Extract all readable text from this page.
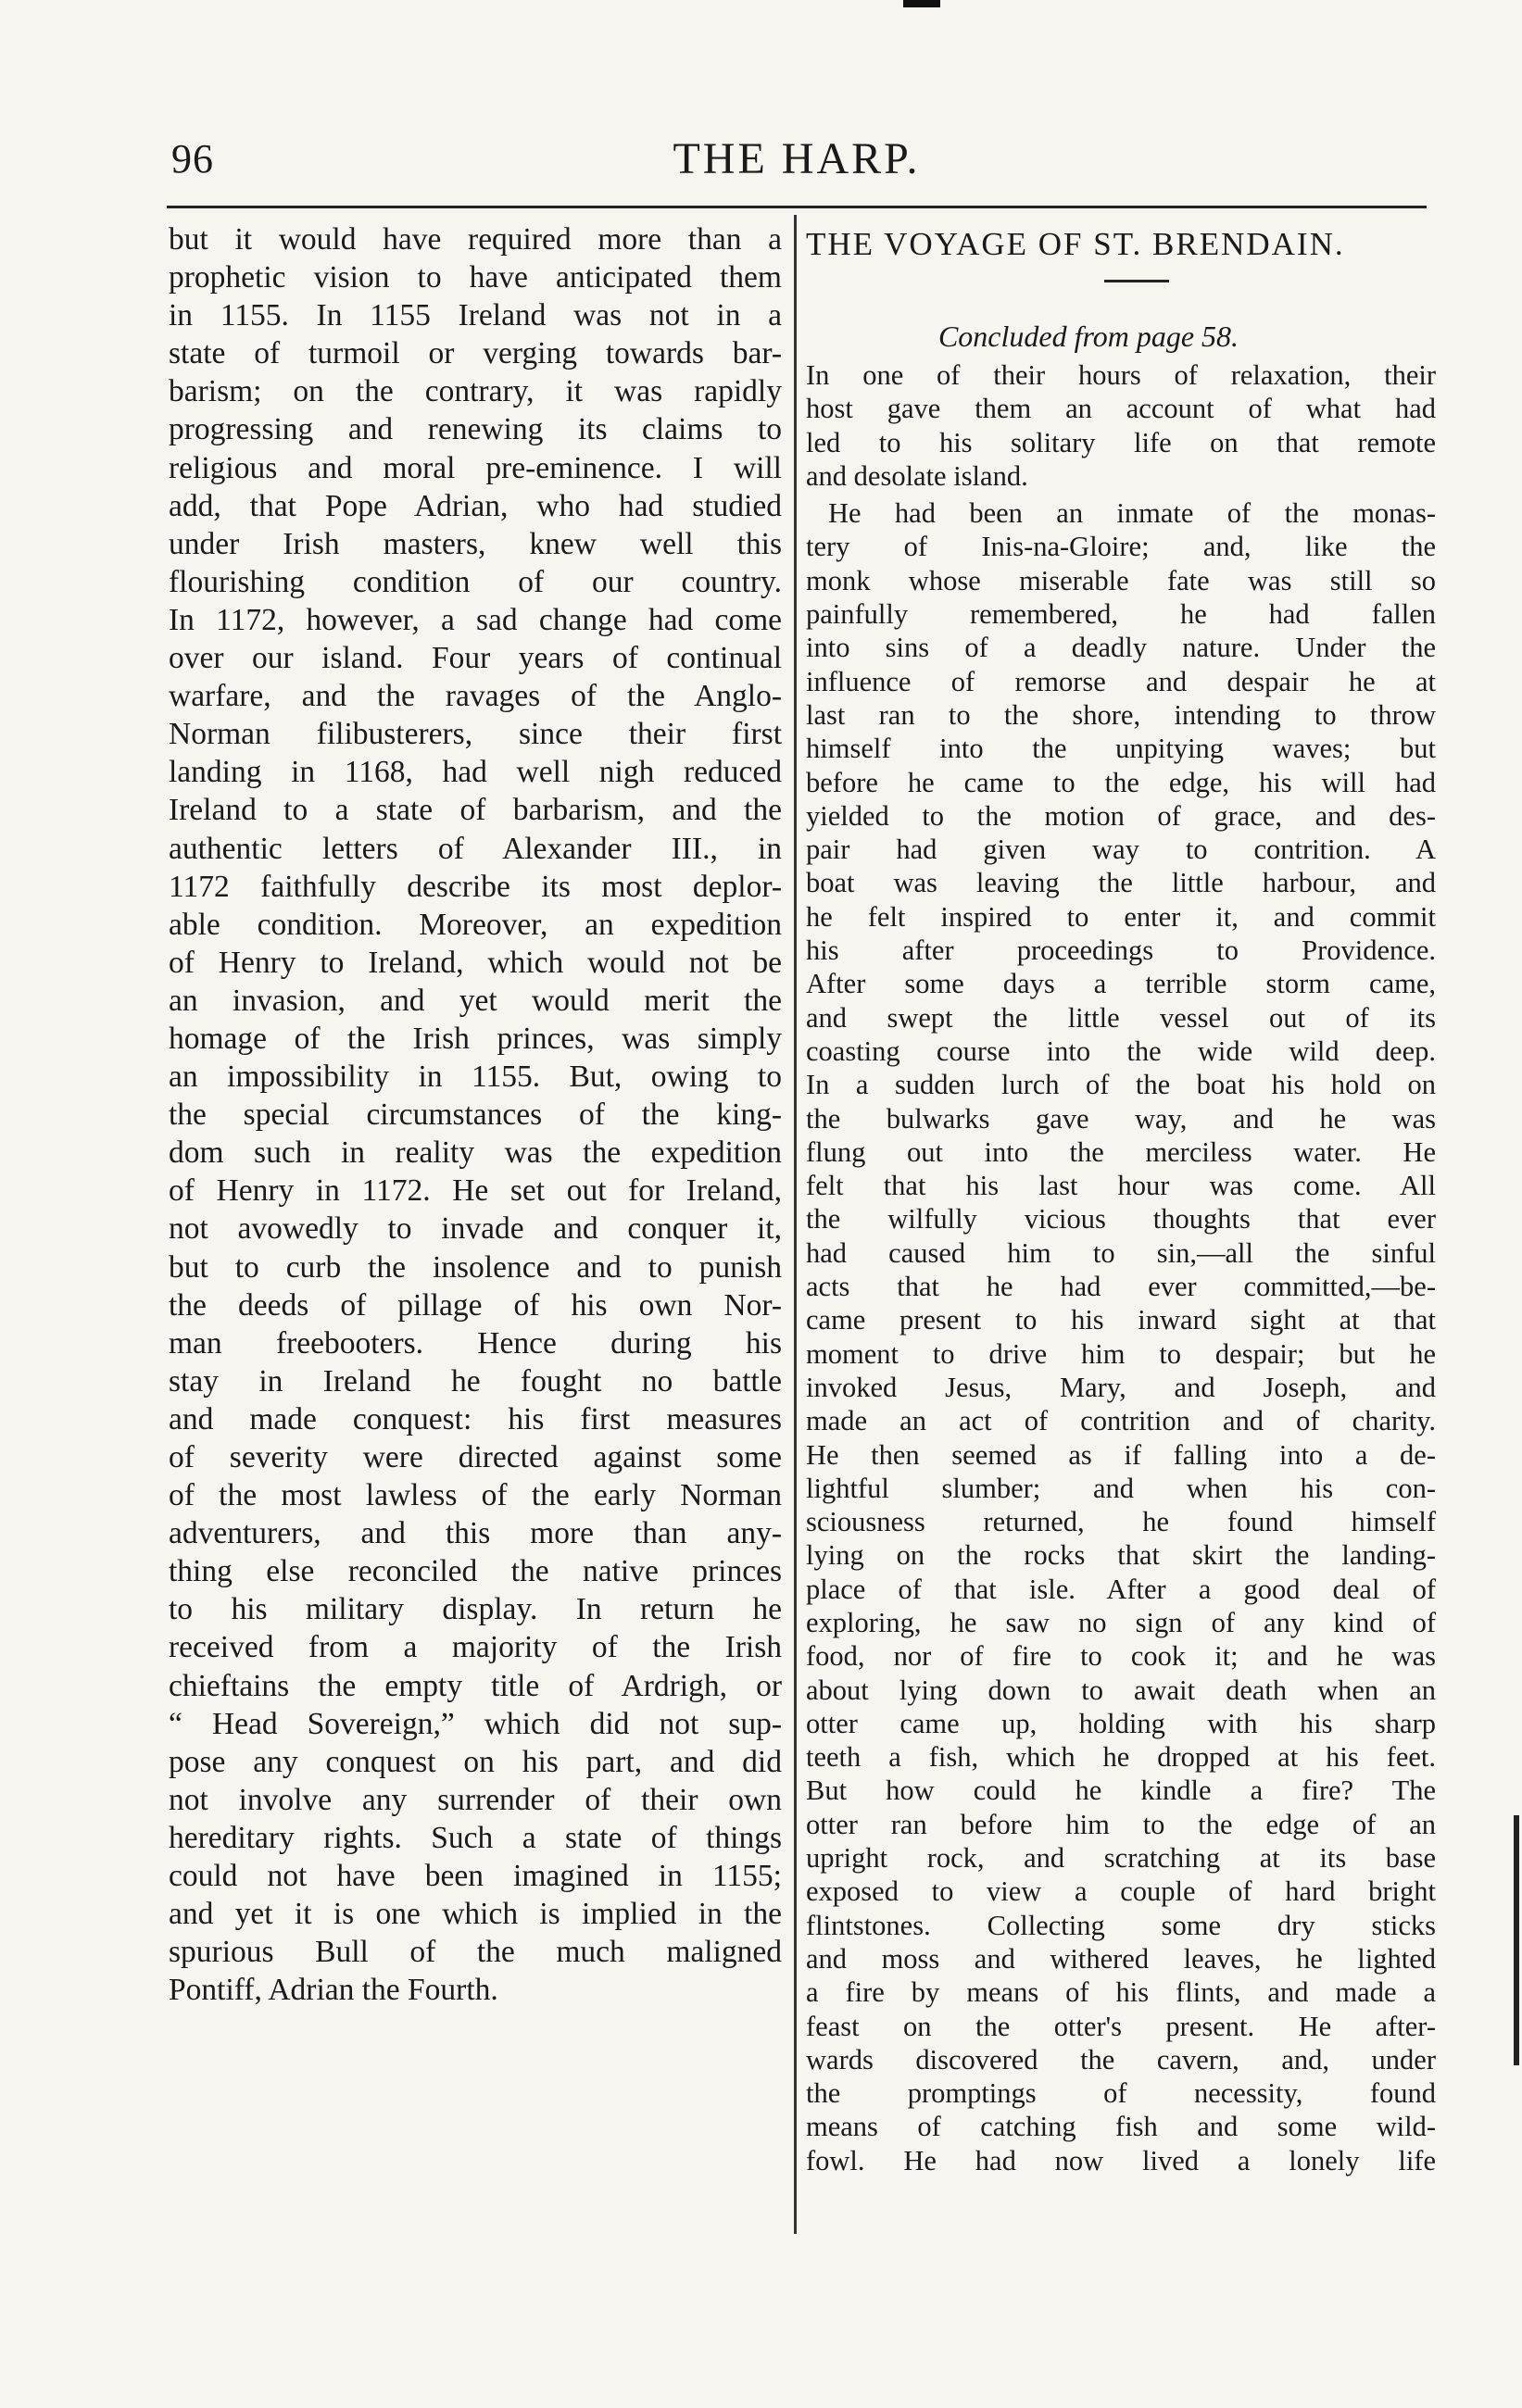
96	THE HARP.
but it would have required more than a
prophetic vision to have anticipated them
in 1155. In 1155 Ireland was not in a
state of turmoil or verging towards bar-
barism; on the contrary, it was rapidly
progressing and renewing its claims to
religious and moral pre-eminence. I will
add, that Pope Adrian, who had studied
under Irish masters, knew well this
flourishing condition of our country.
In 1172, however, a sad change had come
over our island. Four years of continual
warfare, and the ravages of the Anglo-
Norman filibusterers, since their first
landing in 1168, had well nigh reduced
Ireland to a state of barbarism, and the
authentic letters of Alexander III., in
1172 faithfully describe its most deplor-
able condition. Moreover, an expedition
of Henry to Ireland, which would not be
an invasion, and yet would merit the
homage of the Irish princes, was simply
an impossibility in 1155. But, owing to
the special circumstances of the king-
dom such in reality was the expedition
of Henry in 1172. He set out for Ireland,
not avowedly to invade and conquer it,
but to curb the insolence and to punish
the deeds of pillage of his own Nor-
man freebooters. Hence during his
stay in Ireland he fought no battle
and made conquest: his first measures
of severity were directed against some
of the most lawless of the early Norman
adventurers, and this more than any-
thing else reconciled the native princes
to his military display. In return he
received from a majority of the Irish
chieftains the empty title of Ardrigh, or
“ Head Sovereign,” which did not sup-
pose any conquest on his part, and did
not involve any surrender of their own
hereditary rights. Such a state of things
could not have been imagined in 1155;
and yet it is one which is implied in the
spurious Bull of the much maligned
Pontiff, Adrian the Fourth.
THE VOYAGE OF ST. BRENDAIN.
Concluded from page 58.
In one of their hours of relaxation, their
host gave them an account of what had
led to his solitary life on that remote
and desolate island.
He had been an inmate of the monas-
tery of Inis-na-Gloire; and, like the
monk whose miserable fate was still so
painfully remembered, he had fallen
into sins of a deadly nature. Under the
influence of remorse and despair he at
last ran to the shore, intending to throw
himself into the unpitying waves; but
before he came to the edge, his will had
yielded to the motion of grace, and des-
pair had given way to contrition. A
boat was leaving the little harbour, and
he felt inspired to enter it, and commit
his after proceedings to Providence.
After some days a terrible storm came,
and swept the little vessel out of its
coasting course into the wide wild deep.
In a sudden lurch of the boat his hold on
the bulwarks gave way, and he was
flung out into the merciless water. He
felt that his last hour was come. All
the wilfully vicious thoughts that ever
had caused him to sin,—all the sinful
acts that he had ever committed,—be-
came present to his inward sight at that
moment to drive him to despair; but he
invoked Jesus, Mary, and Joseph, and
made an act of contrition and of charity.
He then seemed as if falling into a de-
lightful slumber; and when his con-
sciousness returned, he found himself
lying on the rocks that skirt the landing-
place of that isle. After a good deal of
exploring, he saw no sign of any kind of
food, nor of fire to cook it; and he was
about lying down to await death when an
otter came up, holding with his sharp
teeth a fish, which he dropped at his feet.
But how could he kindle a fire? The
otter ran before him to the edge of an
upright rock, and scratching at its base
exposed to view a couple of hard bright
flintstones. Collecting some dry sticks
and moss and withered leaves, he lighted
a fire by means of his flints, and made a
feast on the otter's present. He after-
wards discovered the cavern, and, under
the promptings of necessity, found
means of catching fish and some wild-
fowl. He had now lived a lonely life
